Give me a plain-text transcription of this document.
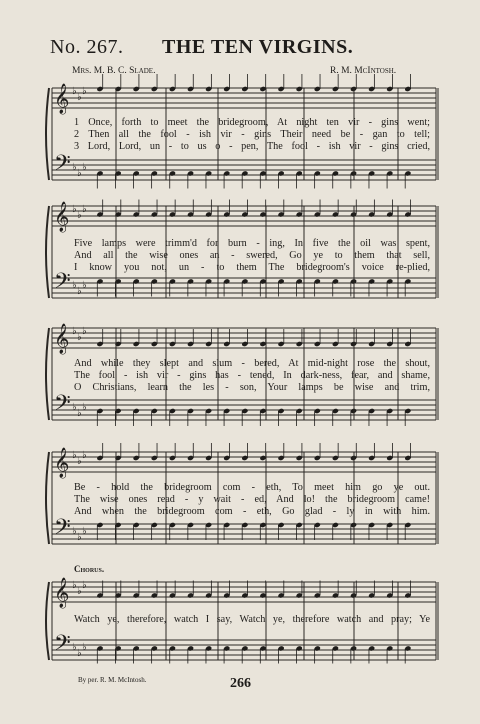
No. 267. THE TEN VIRGINS.
Mrs. M. B. C. Slade.	R. M. McIntosh.
𝄞 ♭
♭
♭
𝄢 ♭
♭
♭
𝄞 ♭
♭
♭
𝄢 ♭
♭
♭
𝄞 ♭
♭
♭
𝄢 ♭
♭
♭
𝄞 ♭
♭
♭
𝄢 ♭
♭
♭
𝄞 ♭
♭
♭
𝄢 ♭
♭
♭
1 Once, forth to meet the bridegroom, At night ten vir - gins went;
2 Then all the fool - ish vir - gins Their need be - gan to tell;
3 Lord, Lord, un - to us o - pen, The fool - ish vir - gins cried,
Five lamps were trimm'd for burn - ing, In five the oil was spent,
And all the wise ones an - swered, Go ye to them that sell,
I know you not, un - to them The bridegroom's voice re-plied,
And while they slept and slum - bered, At mid-night rose the shout,
The fool - ish vir - gins has - tened, In dark-ness, fear, and shame,
O Christians, learn the les - son, Your lamps be wise and trim,
Be - hold the bridegroom com - eth, To meet him go ye out.
The wise ones read - y wait - ed, And lo! the bridegroom came!
And when the bridegroom com - eth, Go glad - ly in with him.
Chorus.
Watch ye, therefore, watch I say, Watch ye, therefore watch and pray; Ye
By per. R. M. McIntosh.	266
